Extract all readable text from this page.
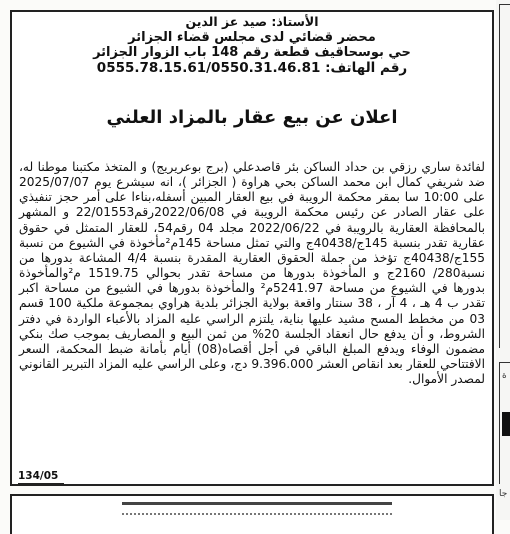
الأستاذ: صيد عز الدين
محضر قضائي لدى مجلس قضاء الجزائر
حي بوسحاقيف قطعة رقم 148 باب الزوار الجزائر
رقم الهاتف: 0555.78.15.61/0550.31.46.81
اعلان عن بيع عقار بالمزاد العلني
لفائدة ساري رزقي بن حداد الساكن بئر قاصدعلي (برج بوعريريج) و المتخذ مكتبنا موطنا له، ضد شريفي كمال ابن محمد الساكن بحي هراوة ( الجزائر )، انه سيشرع يوم 2025/07/07 على 10:00 سا بمقر محكمة الرويبة في بيع العقار المبين أسفله،بناءا على أمر حجز تنفيذي على عقار الصادر عن رئيس محكمة الرويبة في 2022/06/08رقم22/01553 و المشهر بالمحافظة العقارية بالرويبة في 2022/06/22 مجلد 04 رقم54، للعقار المتمثل في حقوق عقارية تقدر بنسبة 145ج/40438ج والتي تمثل مساحة 145م²مأخوذة في الشيوع من نسبة 155ج/40438ج تؤخذ من جملة الحقوق العقارية المقدرة بنسبة 4/4 المشاعة بدورها من نسبة280/ 2160ج و المأخوذة بدورها من مساحة تقدر بحوالي 1519.75 م²والمأخوذة بدورها في الشيوع من مساحة 5241.97م² والمأخوذة بدورها في الشيوع من مساحة اكبر تقدر ب 4 هـ ، 4 آر ، 38 سنتار واقعة بولاية الجزائر بلدية هراوي بمجموعة ملكية 100 قسم 03 من مخطط المسح مشيد عليها بناية، يلتزم الراسي عليه المزاد بالأعباء الواردة في دفتر الشروط، و أن يدفع حال انعقاد الجلسة 20% من ثمن البيع و المصاريف بموجب صك بنكي مضمون الوفاء ويدفع المبلغ الباقي في أجل أقصاه(08) أيام بأمانة ضبط المحكمة، السعر الافتتاحي للعقار بعد انقاص العشر 9.396.000 دج، وعلى الراسي عليه المزاد التبرير القانوني لمصدر الأموال.
134/05
ة
جا
